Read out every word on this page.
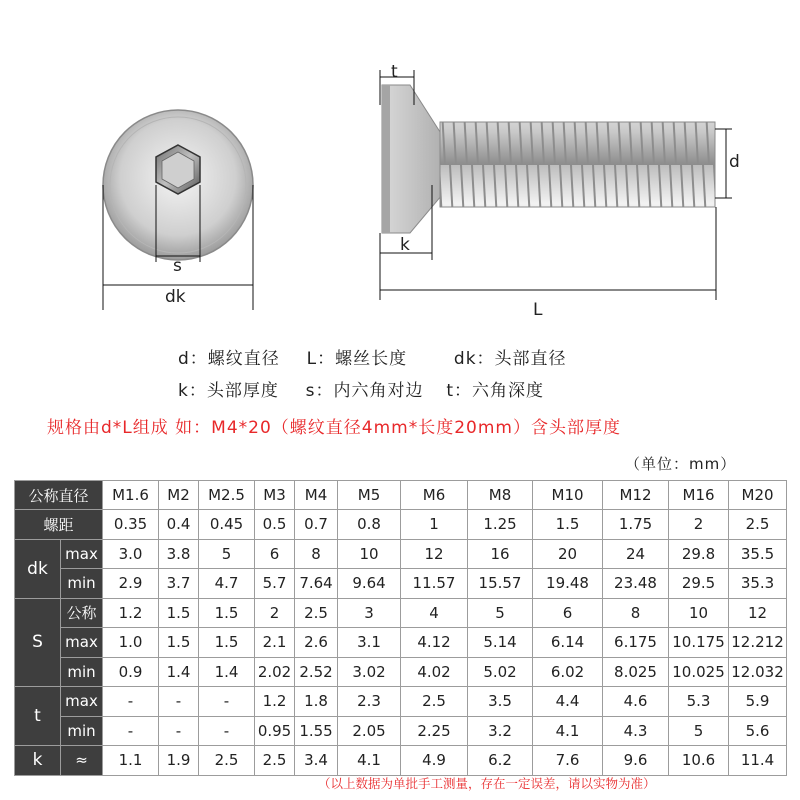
s
dk
t
d
k
L
d：螺纹直径 L：螺丝长度	dk：头部直径
k：头部厚度 s：内六角对边 t：六角深度
规格由d*L组成 如：M4*20（螺纹直径4mm*长度20mm）含头部厚度
（单位：mm）
公称直径		M1.6	M2	M2.5	M3	M4	M5	M6	M8	M10	M12	M16	M20
螺距		0.35	0.4	0.45	0.5	0.7	0.8	1	1.25	1.5	1.75	2	2.5
dk	max	3.0	3.8	5	6	8	10	12	16	20	24	29.8	35.5
	min	2.9	3.7	4.7	5.7	7.64	9.64	11.57	15.57	19.48	23.48	29.5	35.3
S	公称	1.2	1.5	1.5	2	2.5	3	4	5	6	8	10	12
	max	1.0	1.5	1.5	2.1	2.6	3.1	4.12	5.14	6.14	6.175	10.175	12.212
	min	0.9	1.4	1.4	2.02	2.52	3.02	4.02	5.02	6.02	8.025	10.025	12.032
t	max	-	-	-	1.2	1.8	2.3	2.5	3.5	4.4	4.6	5.3	5.9
	min	-	-	-	0.95	1.55	2.05	2.25	3.2	4.1	4.3	5	5.6
k	≈	1.1	1.9	2.5	2.5	3.4	4.1	4.9	6.2	7.6	9.6	10.6	11.4
（以上数据为单批手工测量，存在一定误差，请以实物为准）
